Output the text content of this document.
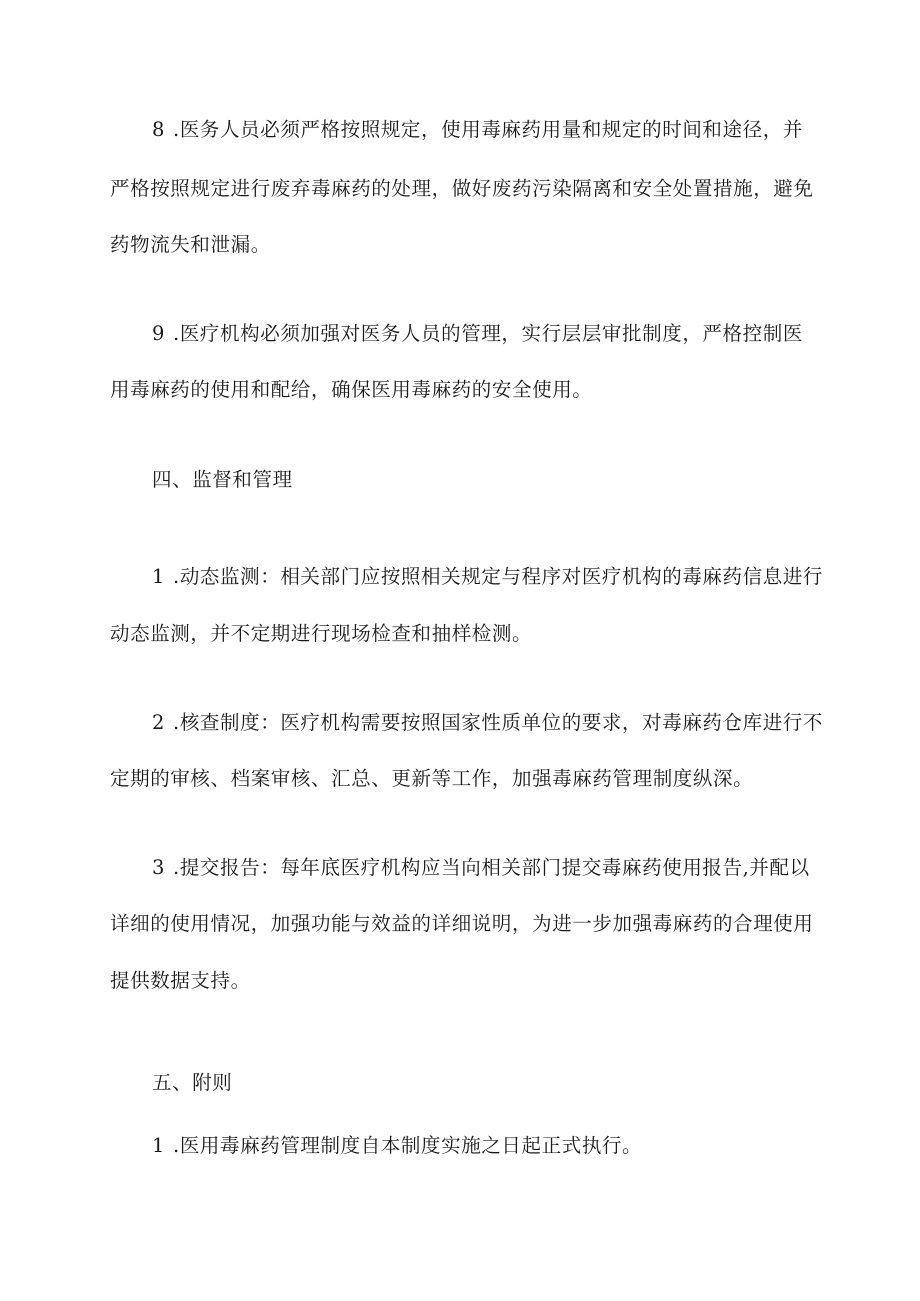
8 .医务人员必须严格按照规定，使用毒麻药用量和规定的时间和途径，并
严格按照规定进行废弃毒麻药的处理，做好废药污染隔离和安全处置措施，避免
药物流失和泄漏。
9 .医疗机构必须加强对医务人员的管理，实行层层审批制度，严格控制医
用毒麻药的使用和配给，确保医用毒麻药的安全使用。
四、监督和管理
1 .动态监测：相关部门应按照相关规定与程序对医疗机构的毒麻药信息进行
动态监测，并不定期进行现场检查和抽样检测。
2 .核查制度：医疗机构需要按照国家性质单位的要求，对毒麻药仓库进行不
定期的审核、档案审核、汇总、更新等工作，加强毒麻药管理制度纵深。
3 .提交报告：每年底医疗机构应当向相关部门提交毒麻药使用报告,并配以
详细的使用情况，加强功能与效益的详细说明，为进一步加强毒麻药的合理使用
提供数据支持。
五、附则
1 .医用毒麻药管理制度自本制度实施之日起正式执行。
